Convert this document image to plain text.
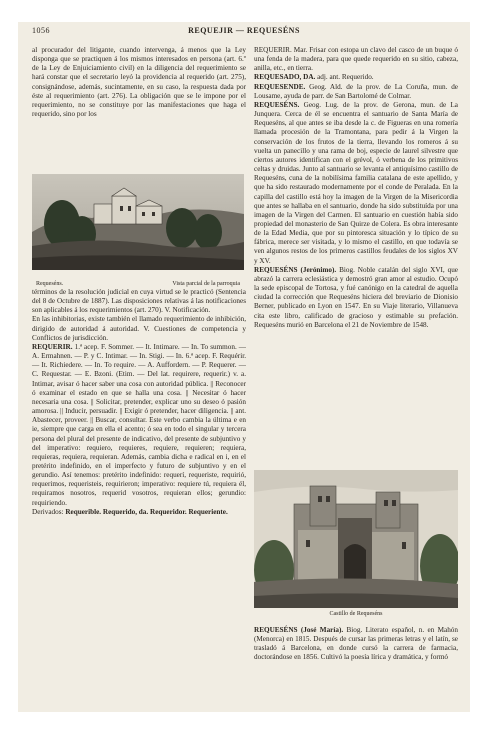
1056	REQUEJIR — REQUESÉNS

al procurador del litigante, cuando intervenga, á menos que la Ley disponga que se practiquen á los mismos interesados en persona (art. 6.º de la Ley de Enjuiciamiento civil) en la diligencia del requerimiento se hará constar que el secretario leyó la providencia al requerido (art. 275), consignándose, además, sucintamente, en su caso, la respuesta dada por éste al requerimiento (art. 276). La obligación que se le impone por el requerimiento, no se constituye por las manifestaciones que haga el requerido, sino por los

Requeséns.	Vista parcial de la parroquia

términos de la resolución judicial en cuya virtud se le practicó (Sentencia del 8 de Octubre de 1887). Las disposiciones relativas á las notificaciones son aplicables á los requerimientos (art. 270). V. Notificación.

En las inhibitorias, existe también el llamado requerimiento de inhibición, dirigido de autoridad á autoridad. V. Cuestiones de competencia y Conflictos de jurisdicción.

REQUERIR. 1.ª acep. F. Sommer. — It. Intimare. — In. To summon. — A. Ermahnen. — P. y C. Intimar. — In. Stigi. — In. 6.ª acep. F. Requérir. — It. Richiedere. — In. To require. — A. Auffordern. — P. Requerer. — C. Requestar. — E. Bzoni. (Etim. — Del lat. requirere, requerir.) v. a. Intimar, avisar ó hacer saber una cosa con autoridad pública. || Reconocer ó examinar el estado en que se halla una cosa. || Necesitar ó hacer necesaria una cosa. || Solicitar, pretender, explicar uno su deseo ó pasión amorosa. || Inducir, persuadir. || Exigir ó pretender, hacer diligencia. || ant. Abastecer, proveer. || Buscar, consultar. Este verbo cambia la última e en ie, siempre que carga en ella el acento; ó sea en todo el singular y tercera persona del plural del presente de indicativo, del presente de subjuntivo y del imperativo: requiero, requieres, requiere, requieren; requiera, requieras, requiera, requieran. Además, cambia dicha e radical en i, en el pretérito indefinido, en el imperfecto y futuro de subjuntivo y en el gerundio. Así tenemos: pretérito indefinido: requerí, requeriste, requirió, requerimos, requeristeis, requirieron; imperativo: requiere tú, requiera él, requiramos nosotros, requerid vosotros, requieran ellos; gerundio: requiriendo.

Derivados: Requerible. Requerido, da. Requeridor. Requeriente.

REQUERIR. Mar. Frisar con estopa un clavo del casco de un buque ó una fenda de la madera, para que quede requerido en su sitio, cabeza, anilla, etc., en tierra.

REQUESADO, DA. adj. ant. Requerido.

REQUESENDE. Geog. Ald. de la prov. de La Coruña, mun. de Lousame, ayuda de parr. de San Bartolomé de Colmar.

REQUESÉNS. Geog. Lug. de la prov. de Gerona, mun. de La Junquera. Cerca de él se encuentra el santuario de Santa María de Requeséns, al que antes se iba desde la c. de Figueras en una romería llamada procesión de la Tramontana, para pedir á la Virgen la conservación de los frutos de la tierra, llevando los romeros á su vuelta un panecillo y una rama de boj, especie de laurel silvestre que ciertos autores identifican con el grévol, ó verbena de los primitivos celtas y druidas. Junto al santuario se levanta el antiquísimo castillo de Requeséns, cuna de la nobilísima familia catalana de este apellido, y que ha sido restaurado modernamente por el conde de Peralada. En la capilla del castillo está hoy la imagen de la Virgen de la Misericordia que antes se hallaba en el santuario, donde ha sido substituída por una imagen de la Virgen del Carmen. El santuario en cuestión había sido propiedad del monasterio de San Quirze de Colera. Es obra interesante de la Edad Media, que por su pintoresca situación y lo típico de su fábrica, merece ser visitada, y lo mismo el castillo, en que todavía se ven algunos restos de los primeros castillos feudales de los siglos XV y XV.

REQUESÉNS (Jerónimo). Biog. Noble catalán del siglo XVI, que abrazó la carrera eclesiástica y demostró gran amor al estudio. Ocupó la sede episcopal de Tortosa, y fué canónigo en la catedral de aquella ciudad la corrección que Requeséns hiciera del breviario de Dionisio Berner, publicado en Lyon en 1547. En su Viaje literario, Villanueva cita este libro, calificado de gracioso y estimable su prefación. Requeséns murió en Barcelona el 21 de Noviembre de 1548.

Castillo de Requeséns

REQUESÉNS (José María). Biog. Literato español, n. en Mahón (Menorca) en 1815. Después de cursar las primeras letras y el latín, se trasladó á Barcelona, en donde cursó la carrera de farmacia, doctorándose en 1856. Cultivó la poesía lírica y dramática, y formó
